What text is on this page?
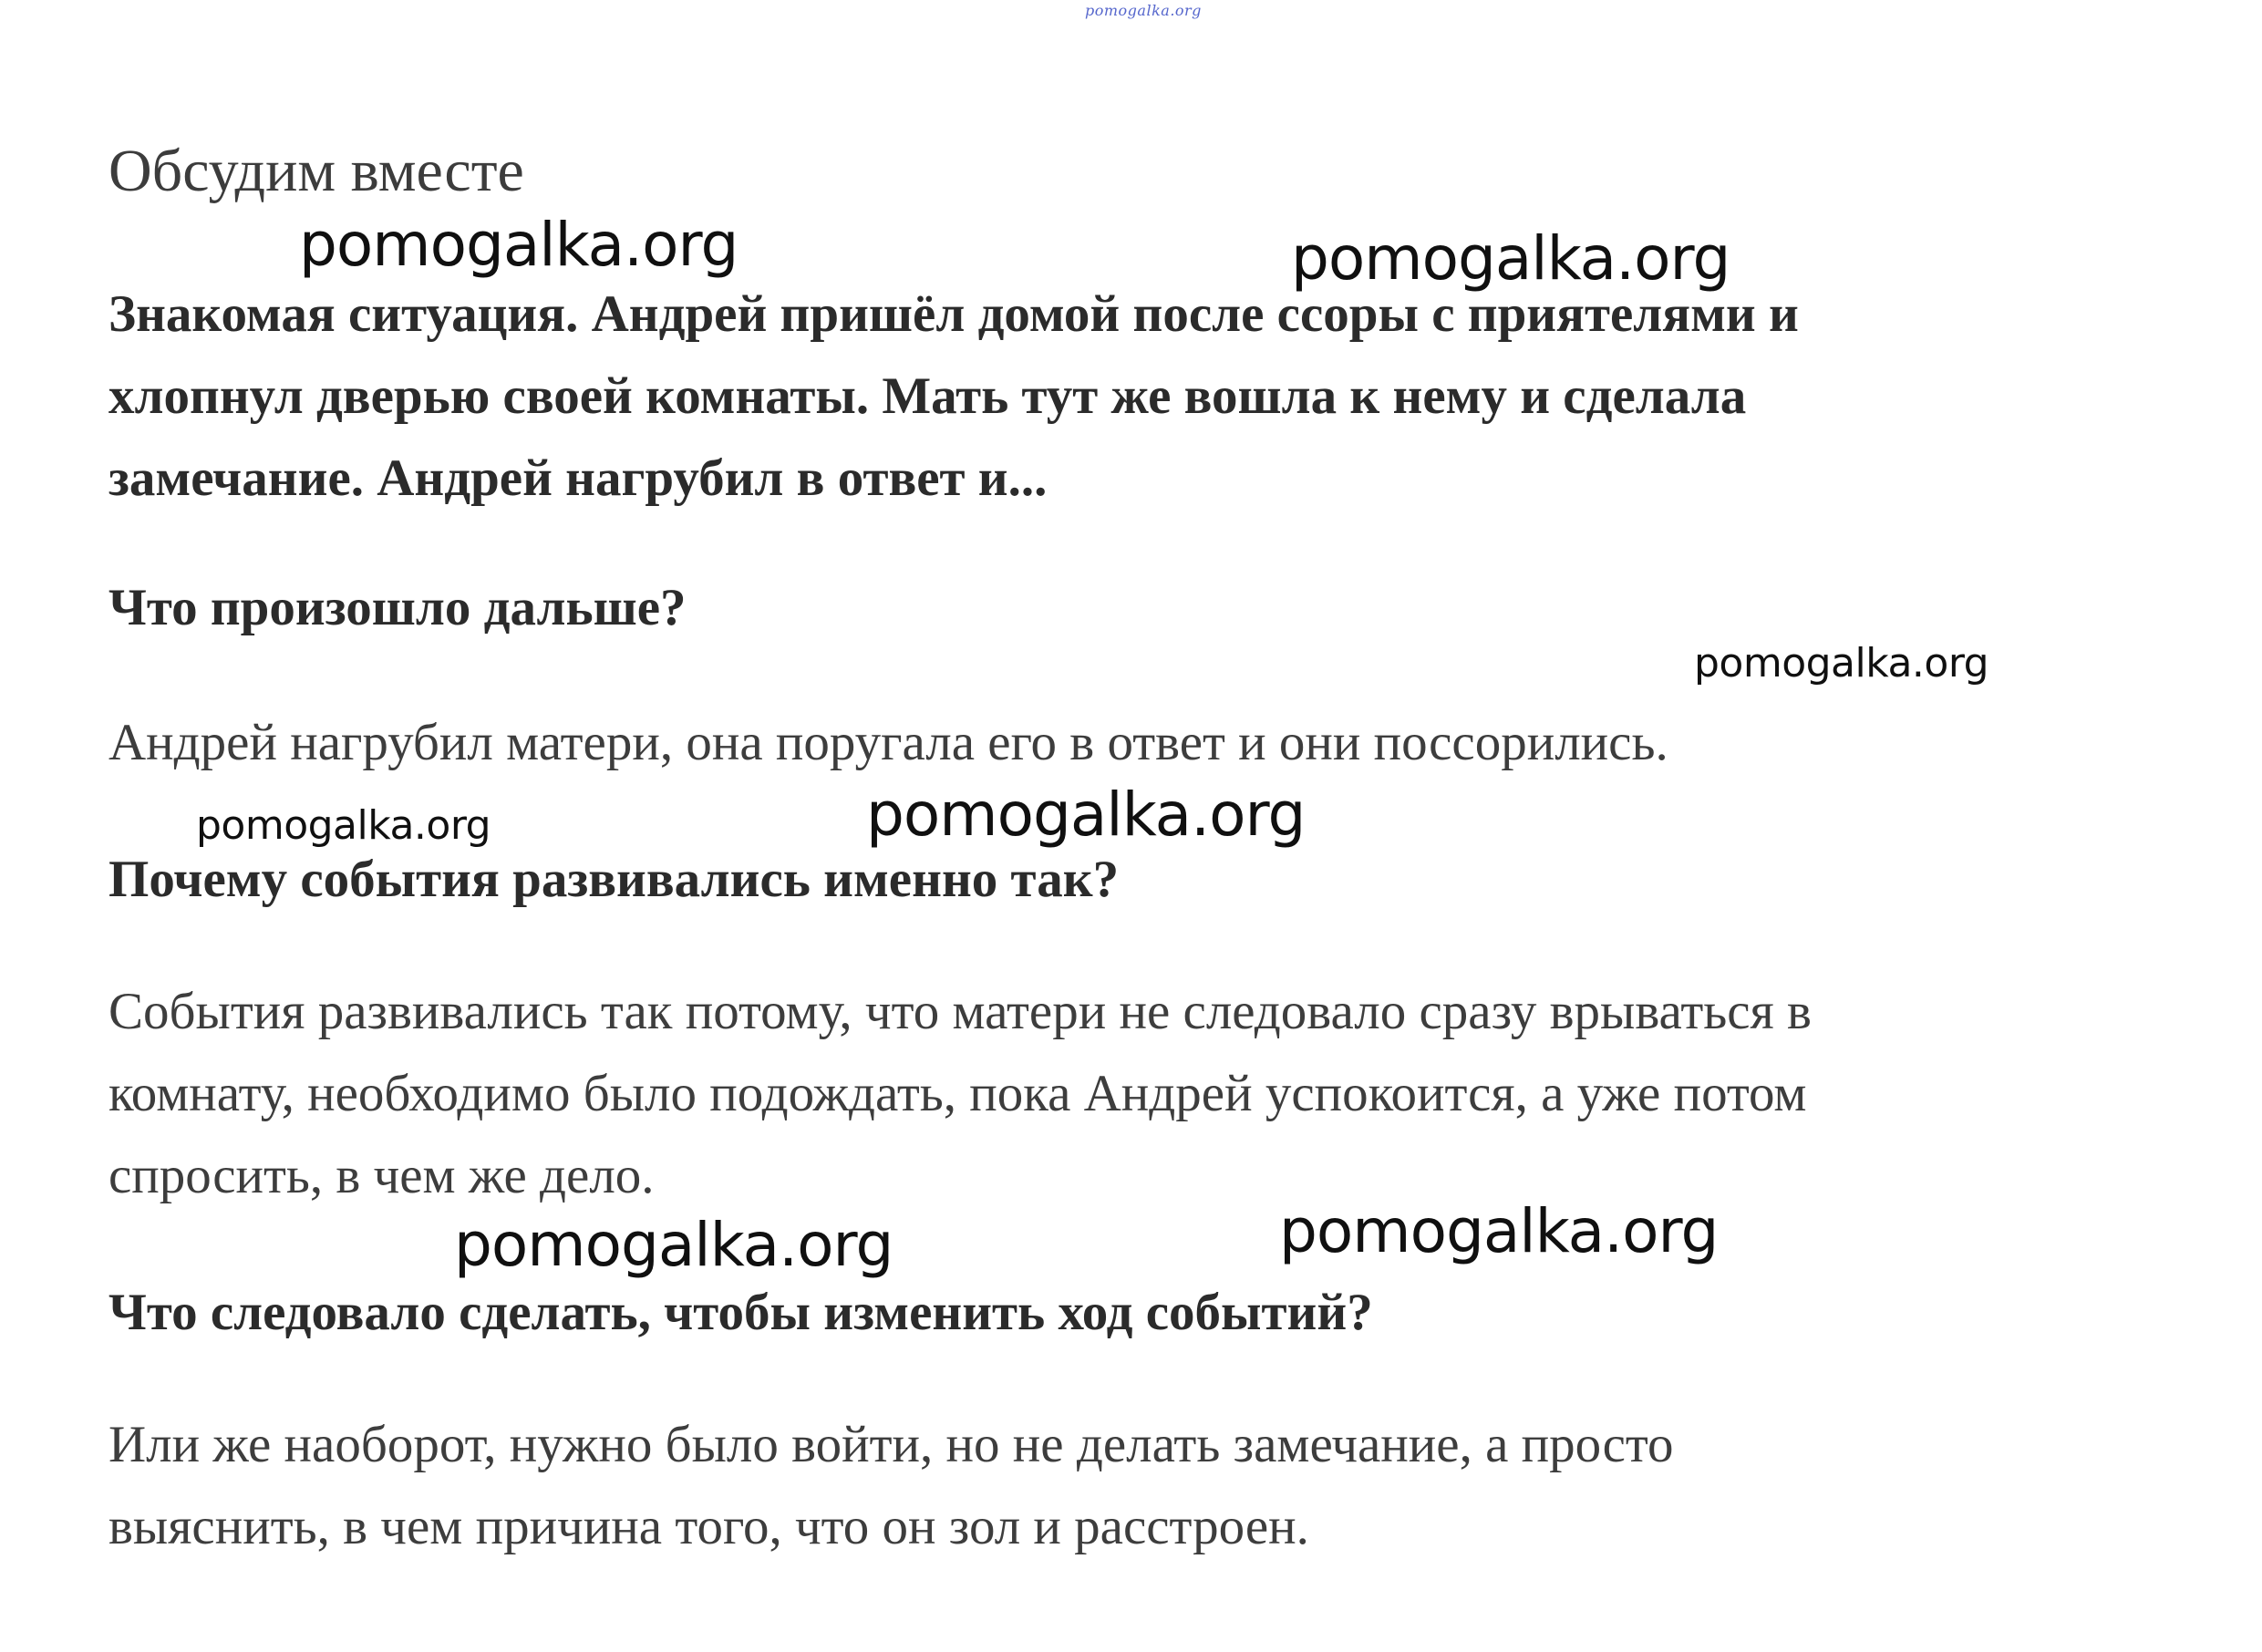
pomogalka.org
Обсудим вместе
Знакомая ситуация. Андрей пришёл домой после ссоры с приятелями и
хлопнул дверью своей комнаты. Мать тут же вошла к нему и сделала
замечание. Андрей нагрубил в ответ и...
Что произошло дальше?
Андрей нагрубил матери, она поругала его в ответ и они поссорились.
Почему события развивались именно так?
События развивались так потому, что матери не следовало сразу врываться в
комнату, необходимо было подождать, пока Андрей успокоится, а уже потом
спросить, в чем же дело.
Что следовало сделать, чтобы изменить ход событий?
Или же наоборот, нужно было войти, но не делать замечание, а просто
выяснить, в чем причина того, что он зол и расстроен.
pomogalka.org	pomogalka.org
pomogalka.org
pomogalka.org	pomogalka.org
pomogalka.org	pomogalka.org
